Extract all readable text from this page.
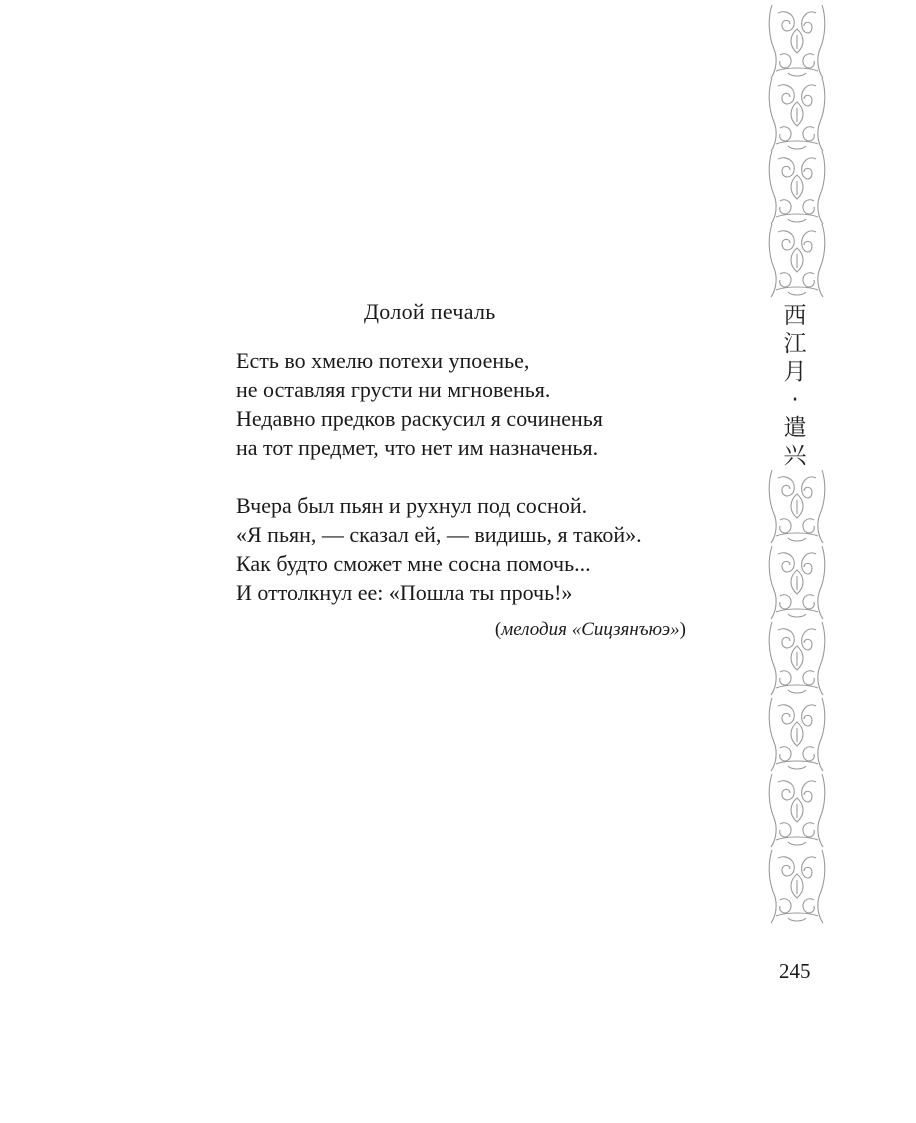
Долой печаль
Есть во хмелю потехи упоенье,
не оставляя грусти ни мгновенья.
Недавно предков раскусил я сочиненья
на тот предмет, что нет им назначенья.
Вчера был пьян и рухнул под сосной.
«Я пьян, — сказал ей, — видишь, я такой».
Как будто сможет мне сосна помочь...
И оттолкнул ее: «Пошла ты прочь!»
(мелодия «Сицзянъюэ»)
西
江
月
·
遣
兴
245
